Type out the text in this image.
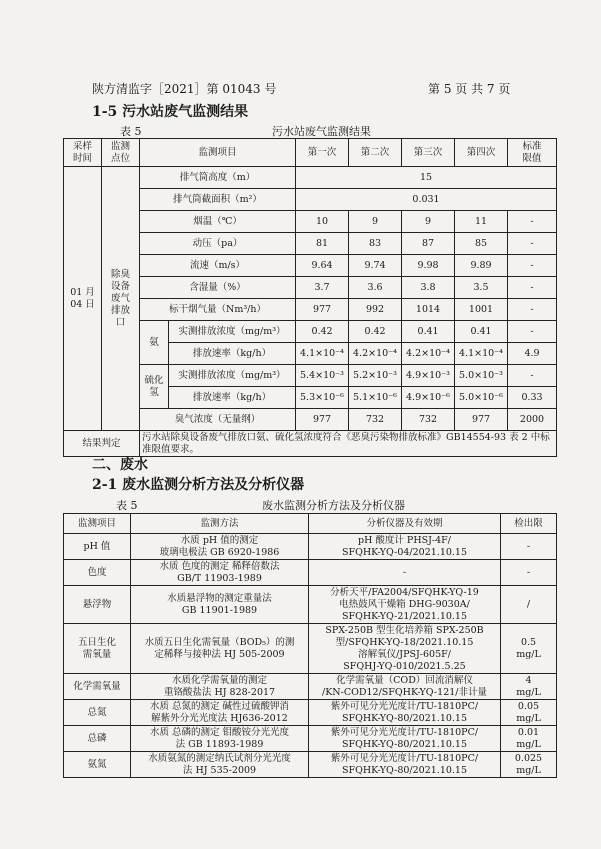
陕方清监字［2021］第 01043 号	第 5 页 共 7 页
1-5 污水站废气监测结果
表 5	污水站废气监测结果
采样
时间	监测
点位	监测项目		第一次	第二次	第三次	第四次	标准
限值
01 月
04 日	除臭
设备
废气
排放
口	排气筒高度（m）		15				
		排气筒截面积（m²）		0.031				
		烟温（℃）		10	9	9	11	-
		动压（pa）		81	83	87	85	-
		流速（m/s）		9.64	9.74	9.98	9.89	-
		含湿量（%）		3.7	3.6	3.8	3.5	-
		标干烟气量（Nm³/h）		977	992	1014	1001	-
		氨	实测排放浓度（mg/m³）	0.42	0.42	0.41	0.41	-
			排放速率（kg/h）	4.1×10⁻⁴	4.2×10⁻⁴	4.2×10⁻⁴	4.1×10⁻⁴	4.9
		硫化
氢	实测排放浓度（mg/m³）	5.4×10⁻³	5.2×10⁻³	4.9×10⁻³	5.0×10⁻³	-
			排放速率（kg/h）	5.3×10⁻⁶	5.1×10⁻⁶	4.9×10⁻⁶	5.0×10⁻⁶	0.33
		臭气浓度（无量纲）		977	732	732	977	2000
结果判定		污水站除臭设备废气排放口氨、硫化氢浓度符合《恶臭污染物排放标准》GB14554-93 表 2 中标准限值要求。						
二、废水
2-1 废水监测分析方法及分析仪器
表 5	废水监测分析方法及分析仪器
监测项目	监测方法	分析仪器及有效期	检出限
pH 值	水质 pH 值的测定
玻璃电极法 GB 6920-1986	pH 酸度计 PHSJ-4F/
SFQHK-YQ-04/2021.10.15	-
色度	水质 色度的测定 稀释倍数法
GB/T 11903-1989	-	-
悬浮物	水质悬浮物的测定重量法
GB 11901-1989	分析天平/FA2004/SFQHK-YQ-19
电热鼓风干燥箱 DHG-9030A/
SFQHK-YQ-21/2021.10.15	/
五日生化
需氧量	水质五日生化需氧量（BOD₅）的测
定稀释与接种法 HJ 505-2009	SPX-250B 型生化培养箱 SPX-250B
型/SFQHK-YQ-18/2021.10.15
溶解氧仪/JPSJ-605F/
SFQHJ-YQ-010/2021.5.25	0.5
mg/L
化学需氧量	水质化学需氧量的测定
重铬酸盐法 HJ 828-2017	化学需氧量（COD）回流消解仪
/KN-COD12/SFQHK-YQ-121/非计量	4
mg/L
总氮	水质 总氮的测定 碱性过硫酸钾消
解紫外分光光度法 HJ636-2012	紫外可见分光光度计/TU-1810PC/
SFQHK-YQ-80/2021.10.15	0.05
mg/L
总磷	水质 总磷的测定 钼酸铵分光光度
法 GB 11893-1989	紫外可见分光光度计/TU-1810PC/
SFQHK-YQ-80/2021.10.15	0.01
mg/L
氨氮	水质氨氮的测定纳氏试剂分光光度
法 HJ 535-2009	紫外可见分光光度计/TU-1810PC/
SFQHK-YQ-80/2021.10.15	0.025
mg/L
